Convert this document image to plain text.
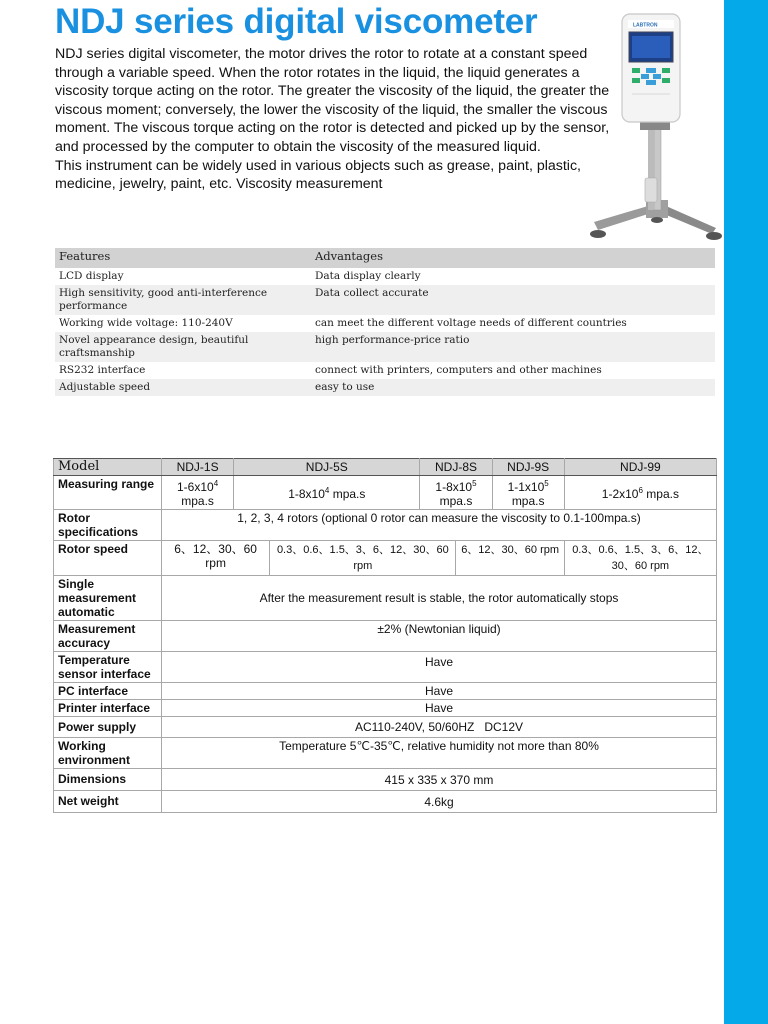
NDJ series digital viscometer

NDJ series digital viscometer, the motor drives the rotor to rotate at a constant speed through a variable speed. When the rotor rotates in the liquid, the liquid generates a viscosity torque acting on the rotor. The greater the viscosity of the liquid, the greater the viscous moment; conversely, the lower the viscosity of the liquid, the smaller the viscous moment. The viscous torque acting on the rotor is detected and picked up by the sensor, and processed by the computer to obtain the viscosity of the measured liquid.

This instrument can be widely used in various objects such as grease, paint, plastic, medicine, jewelry, paint, etc. Viscosity measurement

LABTRON
Features	Advantages
LCD display	Data display clearly
High sensitivity, good anti-interference performance	Data collect accurate
Working wide voltage: 110-240V	can meet the different voltage needs of different countries
Novel appearance design, beautiful craftsmanship	high performance-price ratio
RS232 interface	connect with printers, computers and other machines
Adjustable speed	easy to use
Model	NDJ-1S	NDJ-5S		NDJ-8S		NDJ-9S	NDJ-99
Measuring range	$1-6x10^4$ mpa.s	$1-8x10^4$ mpa.s		$1-8x10^5$ mpa.s		$1-1x10^5$ mpa.s	$1-2x10^6$ mpa.s
Rotor specifications	1, 2, 3, 4 rotors (optional 0 rotor can measure the viscosity to 0.1-100mpa.s)						
Rotor speed	6、12、30、60 rpm		0.3、0.6、1.5、3、6、12、30、60 rpm		6、12、30、60 rpm		0.3、0.6、1.5、3、6、12、30、60 rpm
Single measurement automatic	After the measurement result is stable, the rotor automatically stops						
Measurement accuracy	±2% (Newtonian liquid)						
Temperature sensor interface	Have						
PC interface	Have						
Printer interface	Have						
Power supply	AC110-240V, 50/60HZ   DC12V						
Working environment	Temperature 5℃-35℃, relative humidity not more than 80%						
Dimensions	415 x 335 x 370 mm						
Net weight	4.6kg						
